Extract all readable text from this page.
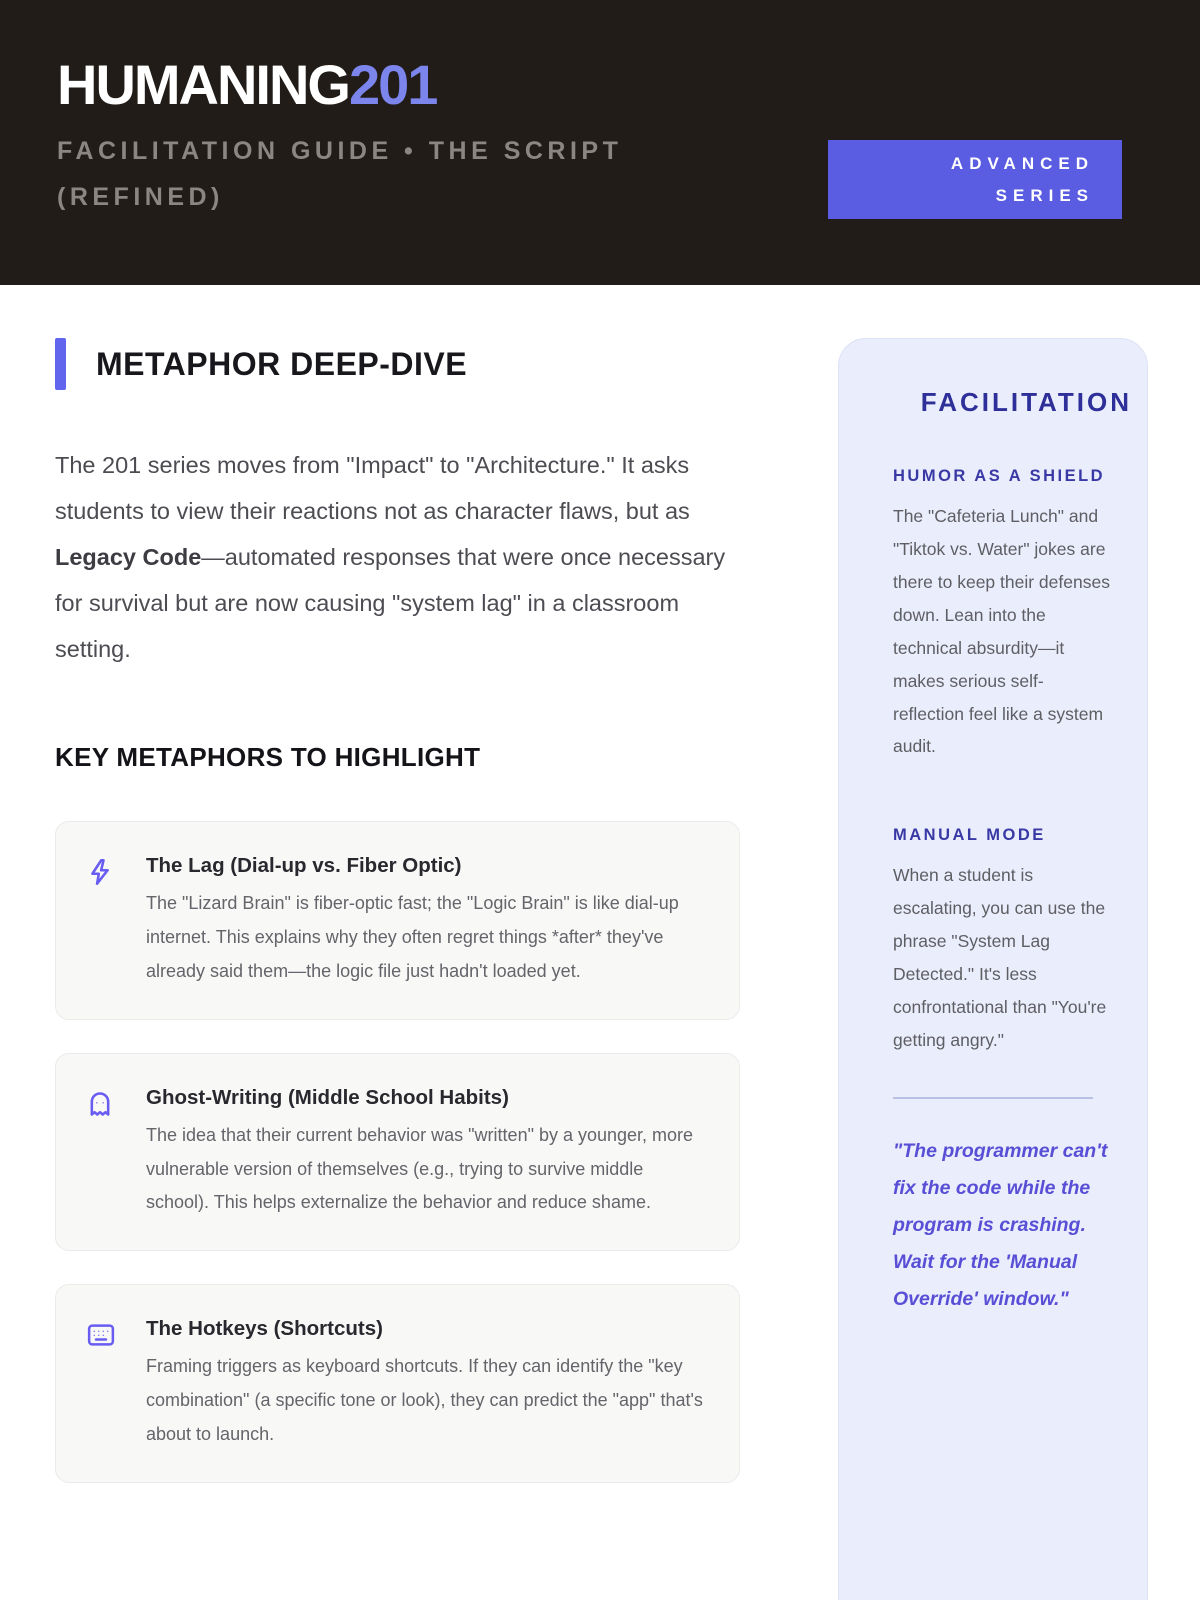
HUMANING201
FACILITATION GUIDE • THE SCRIPT (REFINED)
ADVANCED
SERIES
METAPHOR DEEP-DIVE
The 201 series moves from "Impact" to "Architecture." It asks students to view their reactions not as character flaws, but as Legacy Code—automated responses that were once necessary for survival but are now causing "system lag" in a classroom setting.
KEY METAPHORS TO HIGHLIGHT
The Lag (Dial-up vs. Fiber Optic)
The "Lizard Brain" is fiber-optic fast; the "Logic Brain" is like dial-up internet. This explains why they often regret things *after* they've already said them—the logic file just hadn't loaded yet.
Ghost-Writing (Middle School Habits)
The idea that their current behavior was "written" by a younger, more vulnerable version of themselves (e.g., trying to survive middle school). This helps externalize the behavior and reduce shame.
The Hotkeys (Shortcuts)
Framing triggers as keyboard shortcuts. If they can identify the "key combination" (a specific tone or look), they can predict the "app" that's about to launch.
FACILITATION
HUMOR AS A SHIELD
The "Cafeteria Lunch" and "Tiktok vs. Water" jokes are there to keep their defenses down. Lean into the technical absurdity—it makes serious self-reflection feel like a system audit.
MANUAL MODE
When a student is escalating, you can use the phrase "System Lag Detected." It's less confrontational than "You're getting angry."
"The programmer can't fix the code while the program is crashing. Wait for the 'Manual Override' window."
